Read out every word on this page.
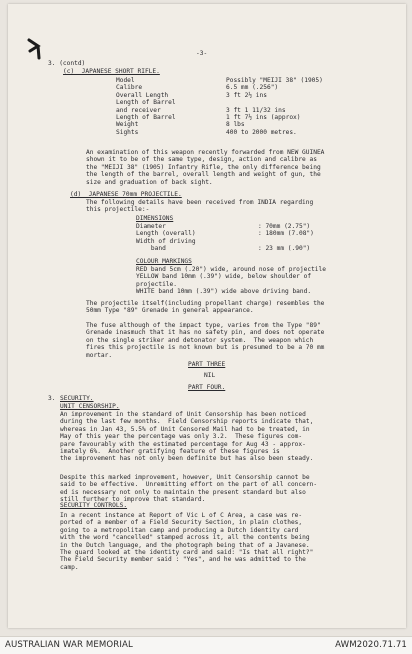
-3-
3. (contd)
(c)  JAPANESE SHORT RIFLE.
Model
Calibre
Overall Length
Length of Barrel
and receiver
Length of Barrel
Weight
Sights
Possibly "MEIJI 38" (1905)
6.5 mm (.256")
3 ft 2½ ins

3 ft 1 11/32 ins
1 ft 7½ ins (approx)
8 lbs
400 to 2000 metres.
An examination of this weapon recently forwarded from NEW GUINEA
shown it to be of the same type, design, action and calibre as
the "MEIJI 38" (1905) Infantry Rifle, the only difference being
the length of the barrel, overall length and weight of gun, the
size and graduation of back sight.
(d)  JAPANESE 70mm PROJECTILE.
The following details have been received from INDIA regarding
this projectile:-
DIMENSIONS
Diameter
Length (overall)
Width of driving
band
: 70mm (2.75")
: 180mm (7.08")

: 23 mm (.90")
COLOUR MARKINGS
RED band 5cm (.20") wide, around nose of projectile
YELLOW band 10mm (.39") wide, below shoulder of
projectile.
WHITE band 10mm (.39") wide above driving band.
The projectile itself(including propellant charge) resembles the
50mm Type "89" Grenade in general appearance.
The fuse although of the impact type, varies from the Type "89"
Grenade inasmuch that it has no safety pin, and does not operate
on the single striker and detonator system.  The weapon which
fires this projectile is not known but is presumed to be a 70 mm
mortar.
PART THREE
NIL
PART FOUR.
3. SECURITY.
UNIT CENSORSHIP.
An improvement in the standard of Unit Censorship has been noticed
during the last few months.  Field Censorship reports indicate that,
whereas in Jan 43, 5.5% of Unit Censored Mail had to be treated, in
May of this year the percentage was only 3.2.  These figures com-
pare favourably with the estimated percentage for Aug 43 - approx-
imately 6%.  Another gratifying feature of these figures is
the improvement has not only been definite but has also been steady.
Despite this marked improvement, however, Unit Censorship cannot be
said to be effective.  Unremitting effort on the part of all concern-
ed is necessary not only to maintain the present standard but also
still further to improve that standard.
SECURITY CONTROLS.
In a recent instance at Report of Vic L of C Area, a case was re-
ported of a member of a Field Security Section, in plain clothes,
going to a metropolitan camp and producing a Dutch identity card
with the word "cancelled" stamped across it, all the contents being
in the Dutch language, and the photograph being that of a Javanese.
The guard looked at the identity card and said: "Is that all right?"
The Field Security member said : "Yes", and he was admitted to the
camp.
AUSTRALIAN WAR MEMORIAL	AWM2020.71.71
